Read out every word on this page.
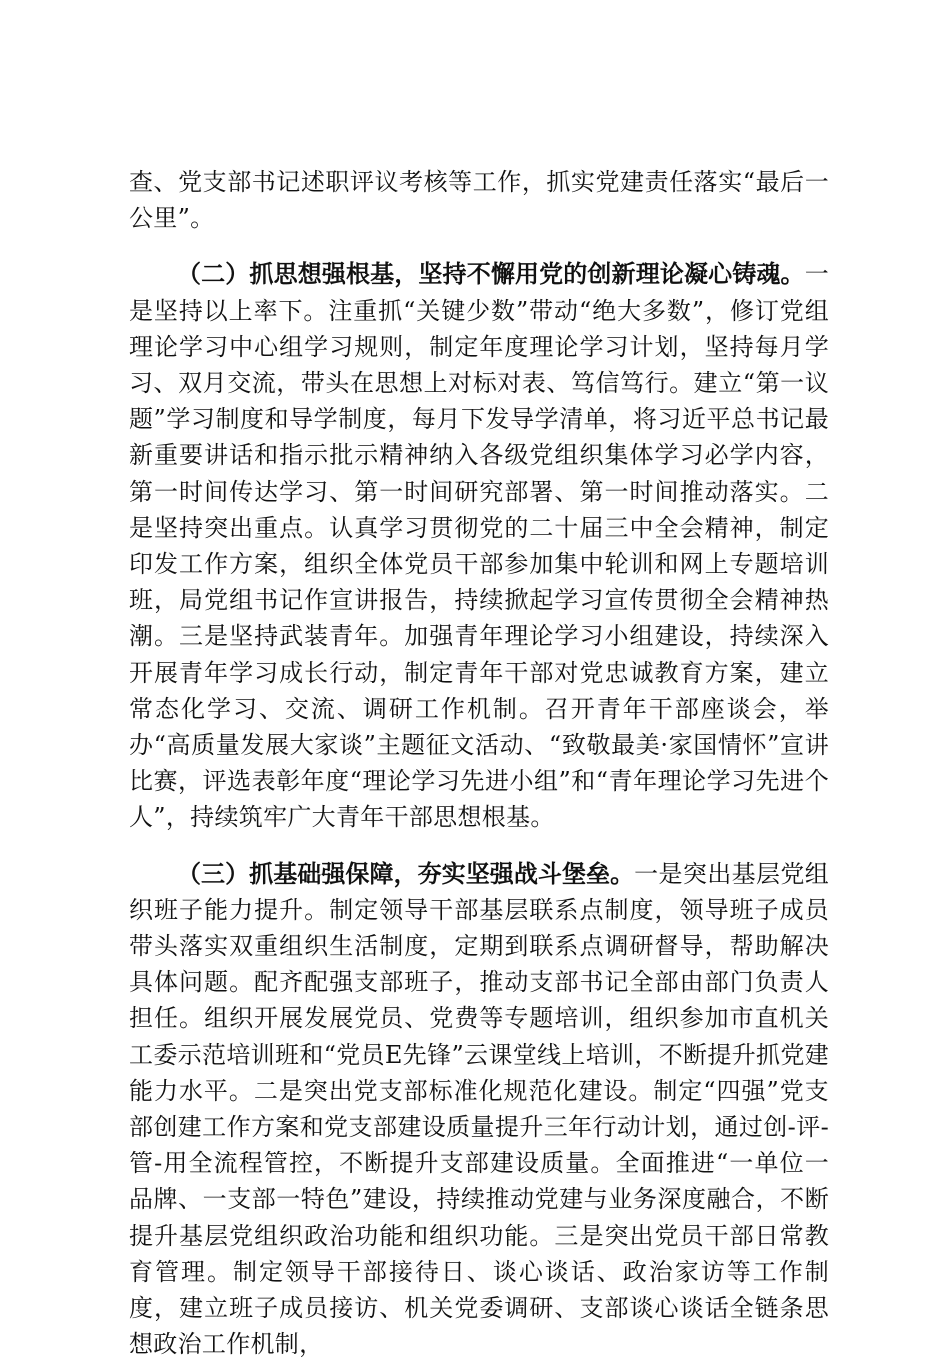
查、党支部书记述职评议考核等工作，抓实党建责任落实“最后一公里”。

（二）抓思想强根基，坚持不懈用党的创新理论凝心铸魂。一是坚持以上率下。注重抓“关键少数”带动“绝大多数”，修订党组理论学习中心组学习规则，制定年度理论学习计划，坚持每月学习、双月交流，带头在思想上对标对表、笃信笃行。建立“第一议题”学习制度和导学制度，每月下发导学清单，将习近平总书记最新重要讲话和指示批示精神纳入各级党组织集体学习必学内容，第一时间传达学习、第一时间研究部署、第一时间推动落实。二是坚持突出重点。认真学习贯彻党的二十届三中全会精神，制定印发工作方案，组织全体党员干部参加集中轮训和网上专题培训班，局党组书记作宣讲报告，持续掀起学习宣传贯彻全会精神热潮。三是坚持武装青年。加强青年理论学习小组建设，持续深入开展青年学习成长行动，制定青年干部对党忠诚教育方案，建立常态化学习、交流、调研工作机制。召开青年干部座谈会，举办“高质量发展大家谈”主题征文活动、“致敬最美·家国情怀”宣讲比赛，评选表彰年度“理论学习先进小组”和“青年理论学习先进个人”，持续筑牢广大青年干部思想根基。

（三）抓基础强保障，夯实坚强战斗堡垒。一是突出基层党组织班子能力提升。制定领导干部基层联系点制度，领导班子成员带头落实双重组织生活制度，定期到联系点调研督导，帮助解决具体问题。配齐配强支部班子，推动支部书记全部由部门负责人担任。组织开展发展党员、党费等专题培训，组织参加市直机关工委示范培训班和“党员E先锋”云课堂线上培训，不断提升抓党建能力水平。二是突出党支部标准化规范化建设。制定“四强”党支部创建工作方案和党支部建设质量提升三年行动计划，通过创-评-管-用全流程管控，不断提升支部建设质量。全面推进“一单位一品牌、一支部一特色”建设，持续推动党建与业务深度融合，不断提升基层党组织政治功能和组织功能。三是突出党员干部日常教育管理。制定领导干部接待日、谈心谈话、政治家访等工作制度，建立班子成员接访、机关党委调研、支部谈心谈话全链条思想政治工作机制，
